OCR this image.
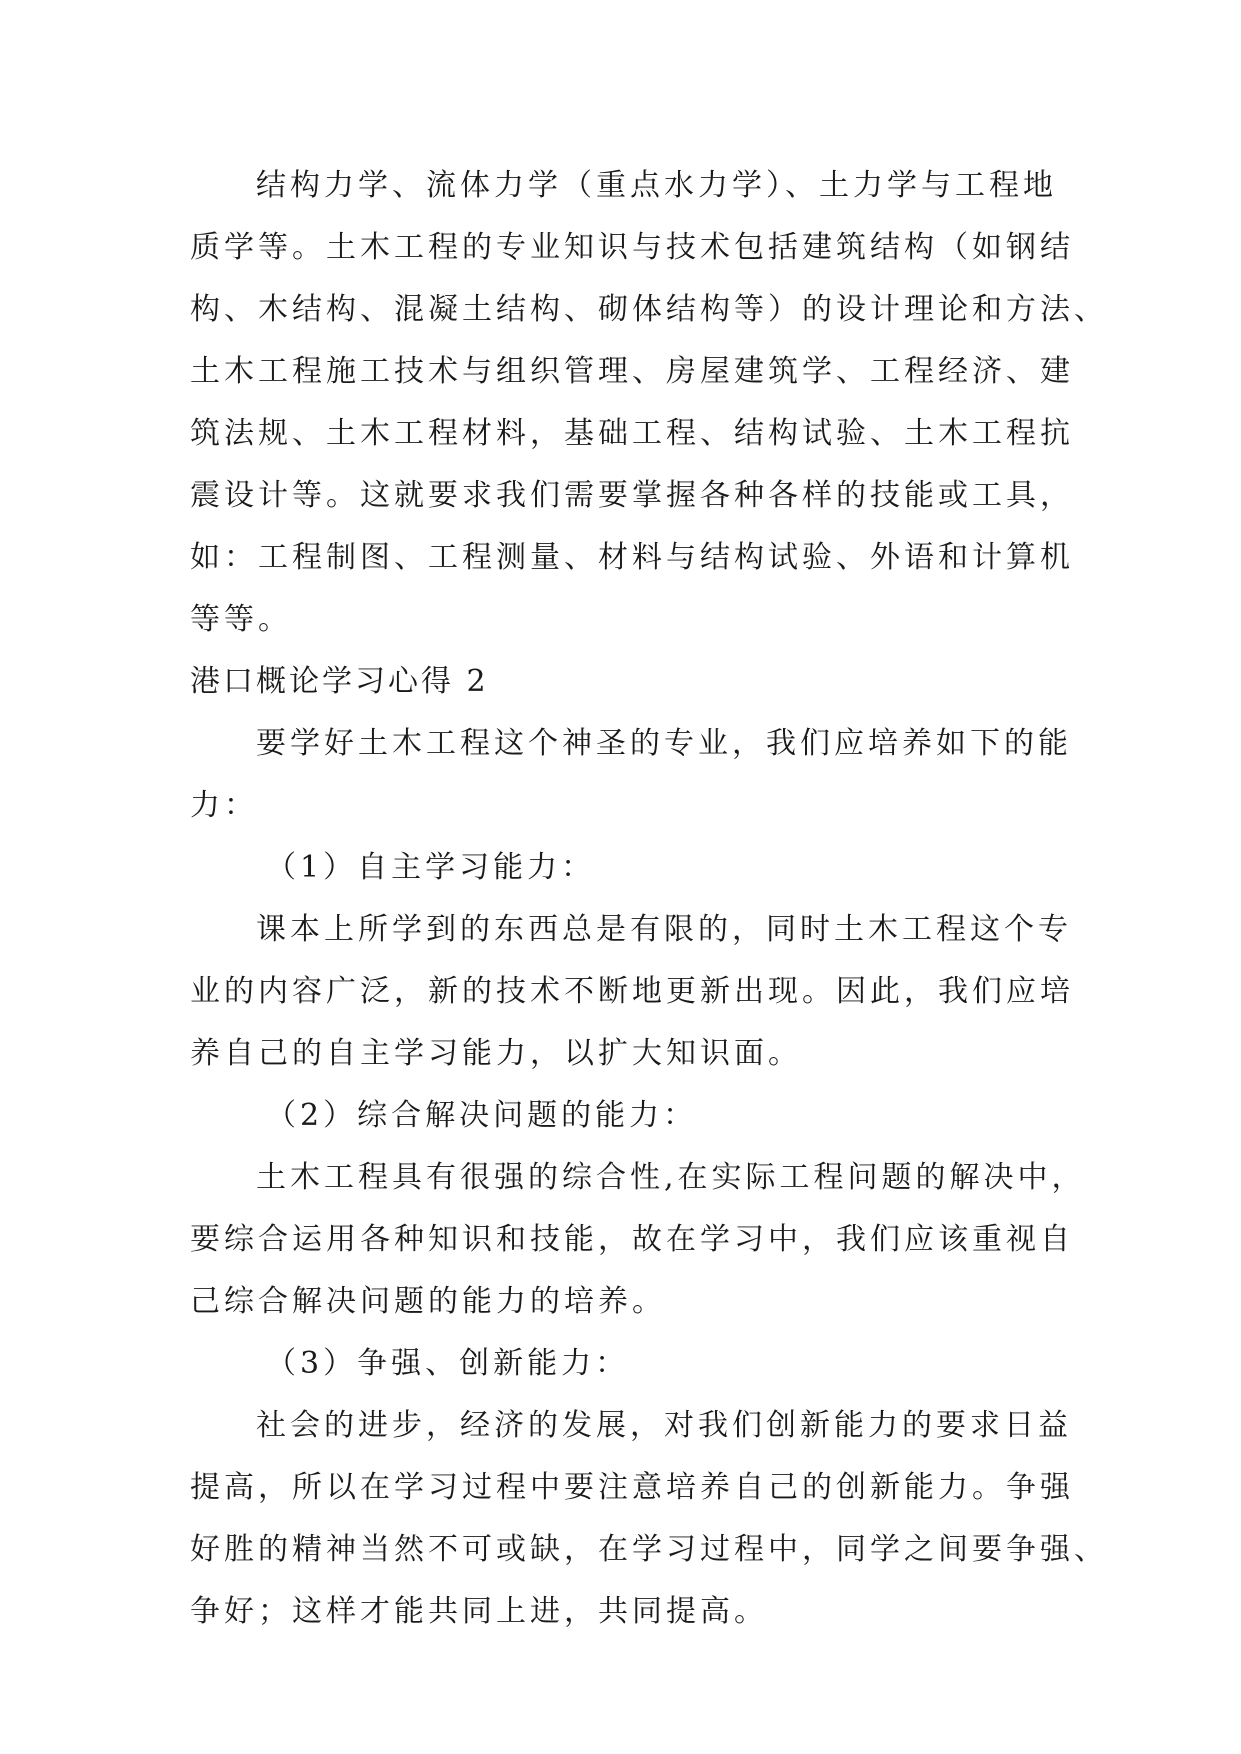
结构力学、流体力学（重点水力学）、土力学与工程地
质学等。土木工程的专业知识与技术包括建筑结构（如钢结
构、木结构、混凝土结构、砌体结构等）的设计理论和方法、
土木工程施工技术与组织管理、房屋建筑学、工程经济、建
筑法规、土木工程材料，基础工程、结构试验、土木工程抗
震设计等。这就要求我们需要掌握各种各样的技能或工具，
如：工程制图、工程测量、材料与结构试验、外语和计算机
等等。
港口概论学习心得 2
要学好土木工程这个神圣的专业，我们应培养如下的能
力：
（1）自主学习能力：
课本上所学到的东西总是有限的，同时土木工程这个专
业的内容广泛，新的技术不断地更新出现。因此，我们应培
养自己的自主学习能力，以扩大知识面。
（2）综合解决问题的能力：
土木工程具有很强的综合性,在实际工程问题的解决中，
要综合运用各种知识和技能，故在学习中，我们应该重视自
己综合解决问题的能力的培养。
（3）争强、创新能力：
社会的进步，经济的发展，对我们创新能力的要求日益
提高，所以在学习过程中要注意培养自己的创新能力。争强
好胜的精神当然不可或缺，在学习过程中，同学之间要争强、
争好；这样才能共同上进，共同提高。
